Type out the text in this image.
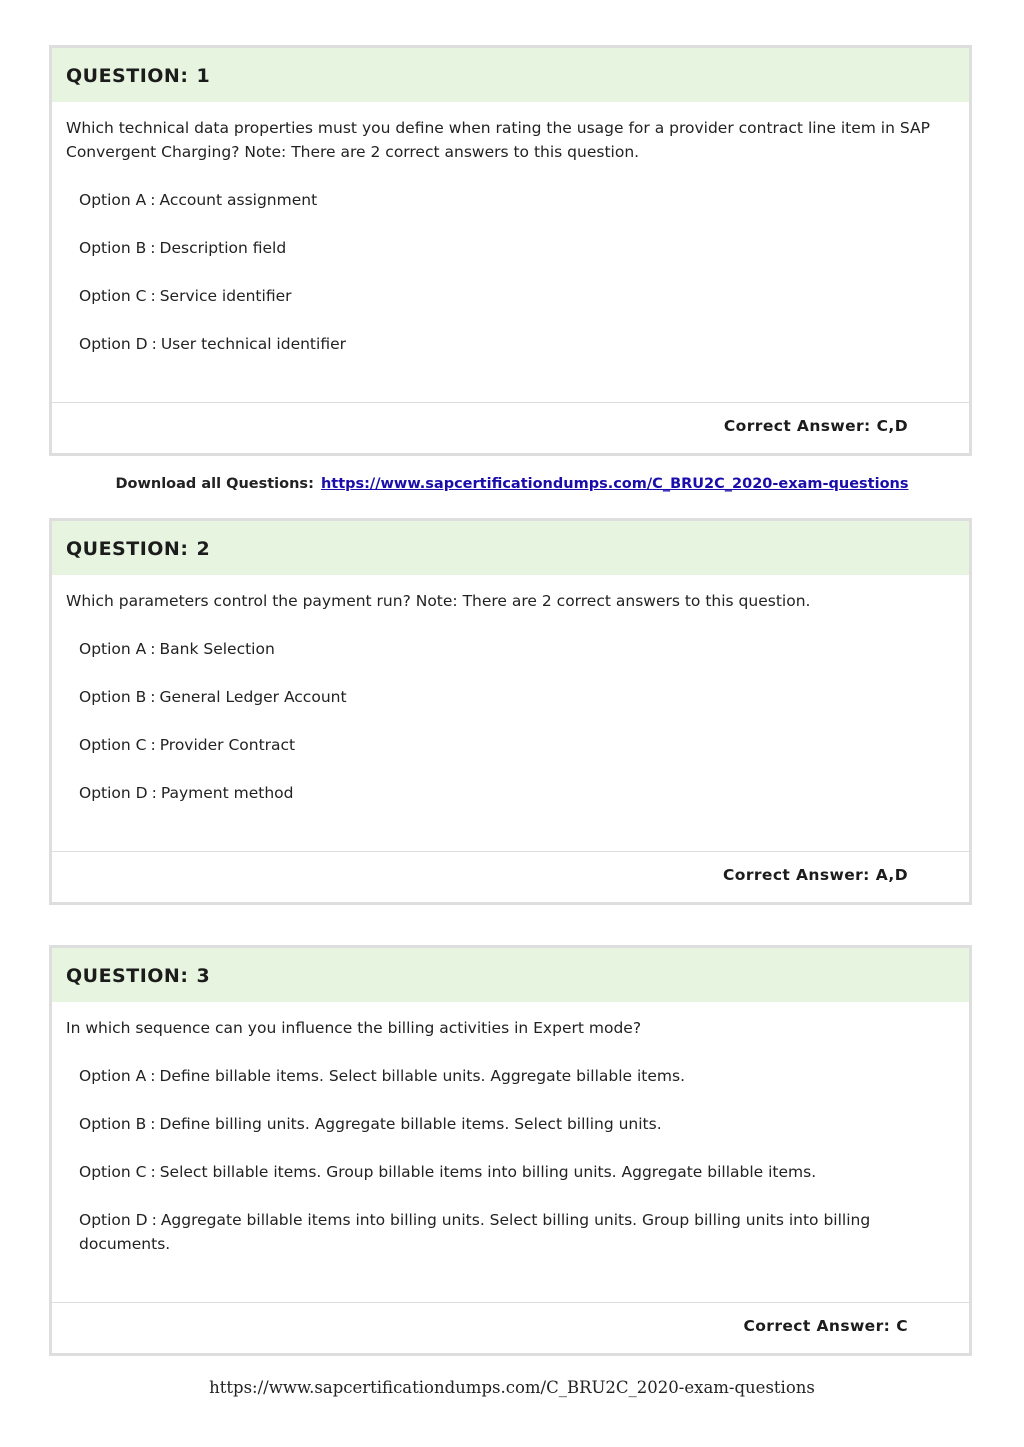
QUESTION: 1
Which technical data properties must you define when rating the usage for a provider contract line item in SAP Convergent Charging? Note: There are 2 correct answers to this question.
Option A : Account assignment
Option B : Description field
Option C : Service identifier
Option D : User technical identifier
Correct Answer: C,D
Download all Questions: https://www.sapcertificationdumps.com/C_BRU2C_2020-exam-questions
QUESTION: 2
Which parameters control the payment run? Note: There are 2 correct answers to this question.
Option A : Bank Selection
Option B : General Ledger Account
Option C : Provider Contract
Option D : Payment method
Correct Answer: A,D
QUESTION: 3
In which sequence can you influence the billing activities in Expert mode?
Option A : Define billable items. Select billable units. Aggregate billable items.
Option B : Define billing units. Aggregate billable items. Select billing units.
Option C : Select billable items. Group billable items into billing units. Aggregate billable items.
Option D : Aggregate billable items into billing units. Select billing units. Group billing units into billing documents.
Correct Answer: C
https://www.sapcertificationdumps.com/C_BRU2C_2020-exam-questions
